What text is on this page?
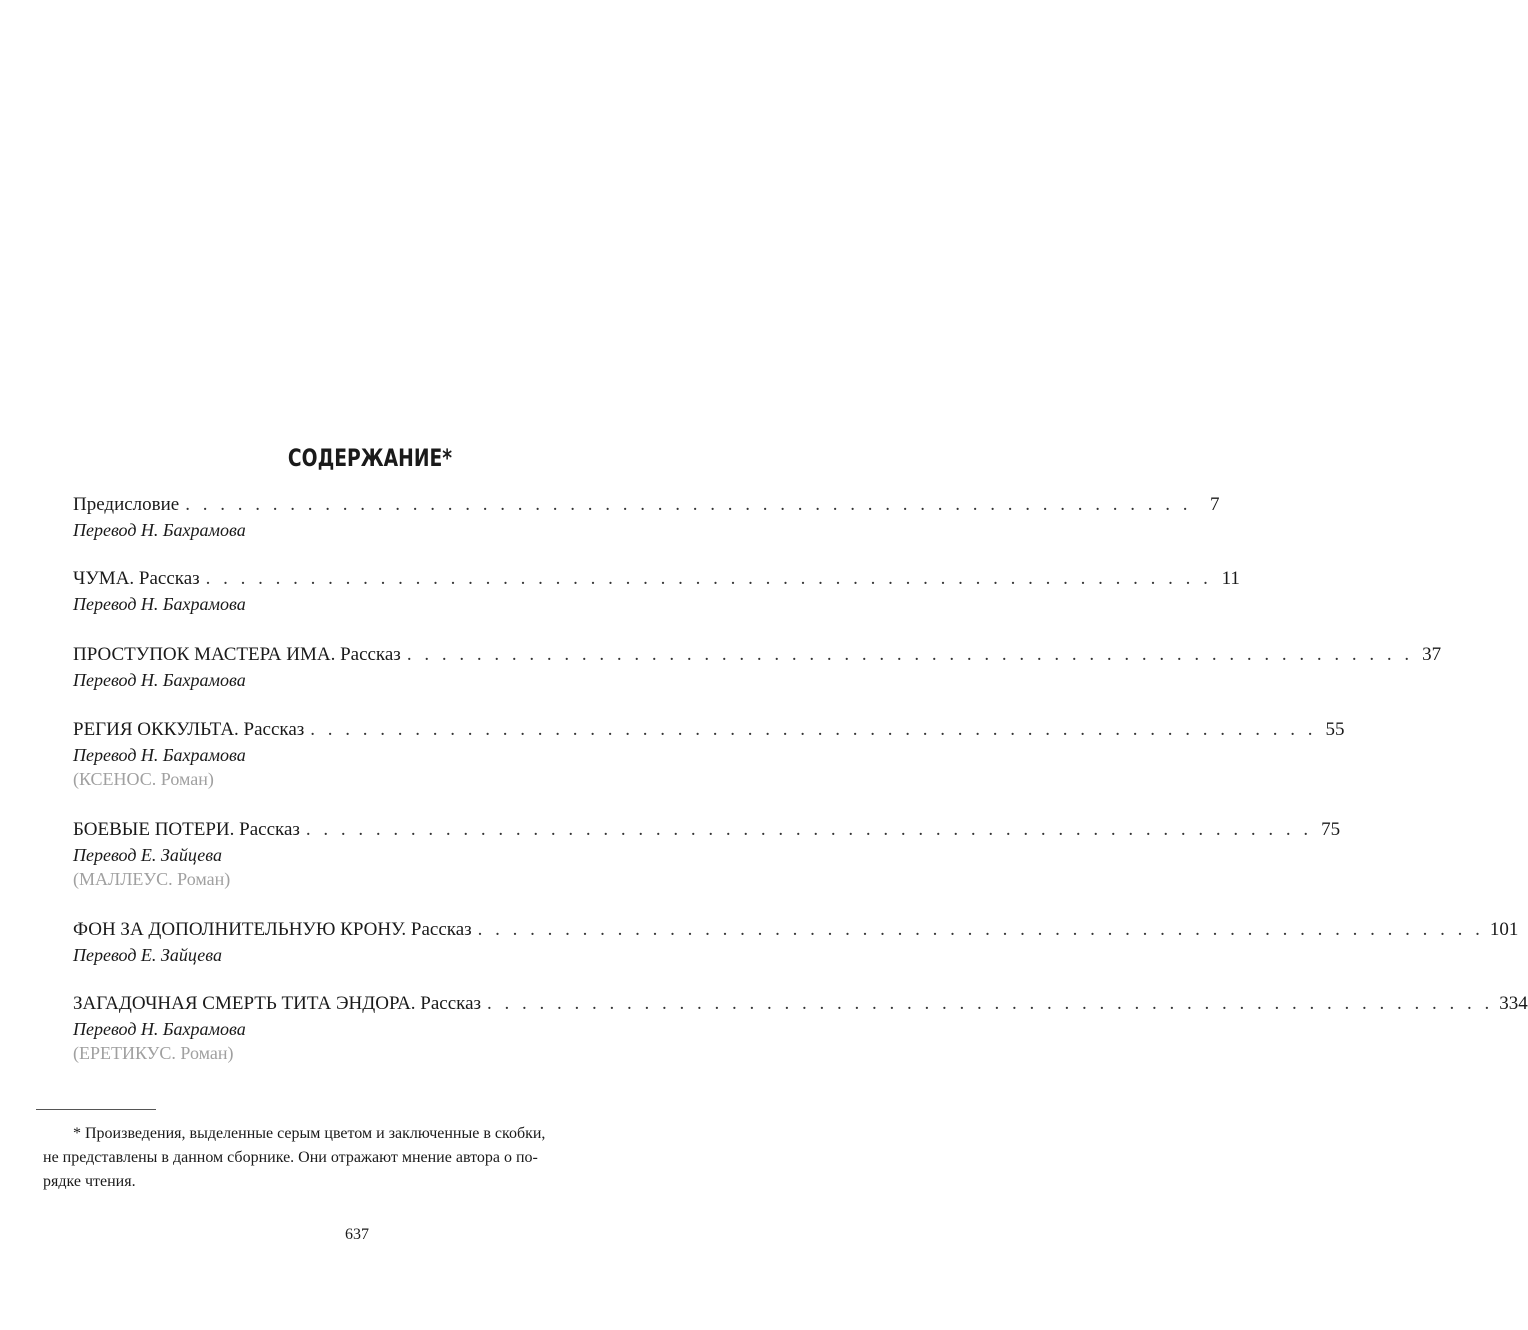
СОДЕРЖАНИЕ*
Предисловие . . . . . . . . . . . . . . . . . . . . . . . . . . . . . . . . . . . . . . . . . . . . . . . . . . . . . . . . . . 7
Перевод Н. Бахрамова
ЧУМА. Рассказ . . . . . . . . . . . . . . . . . . . . . . . . . . . . . . . . . . . . . . . . . . . . . . . . . . . . . . . . . . 11
Перевод Н. Бахрамова
ПРОСТУПОК МАСТЕРА ИМА. Рассказ . . . . . . . . . . . . . . . . . . . . . . . . . . . . . . . . . . . . . . . . . . . . . . . . . . . . . . . . . . 37
Перевод Н. Бахрамова
РЕГИЯ ОККУЛЬТА. Рассказ . . . . . . . . . . . . . . . . . . . . . . . . . . . . . . . . . . . . . . . . . . . . . . . . . . . . . . . . . . 55
Перевод Н. Бахрамова
(КСЕНОС. Роман)
БОЕВЫЕ ПОТЕРИ. Рассказ . . . . . . . . . . . . . . . . . . . . . . . . . . . . . . . . . . . . . . . . . . . . . . . . . . . . . . . . . . 75
Перевод Е. Зайцева
(МАЛЛЕУС. Роман)
ФОН ЗА ДОПОЛНИТЕЛЬНУЮ КРОНУ. Рассказ . . . . . . . . . . . . . . . . . . . . . . . . . . . . . . . . . . . . . . . . . . . . . . . . . . . . . . . . . . 101
Перевод Е. Зайцева
ЗАГАДОЧНАЯ СМЕРТЬ ТИТА ЭНДОРА. Рассказ . . . . . . . . . . . . . . . . . . . . . . . . . . . . . . . . . . . . . . . . . . . . . . . . . . . . . . . . . . 334
Перевод Н. Бахрамова
(ЕРЕТИКУС. Роман)
* Произведения, выделенные серым цветом и заключенные в скобки,
не представлены в данном сборнике. Они отражают мнение автора о по-
рядке чтения.
637
